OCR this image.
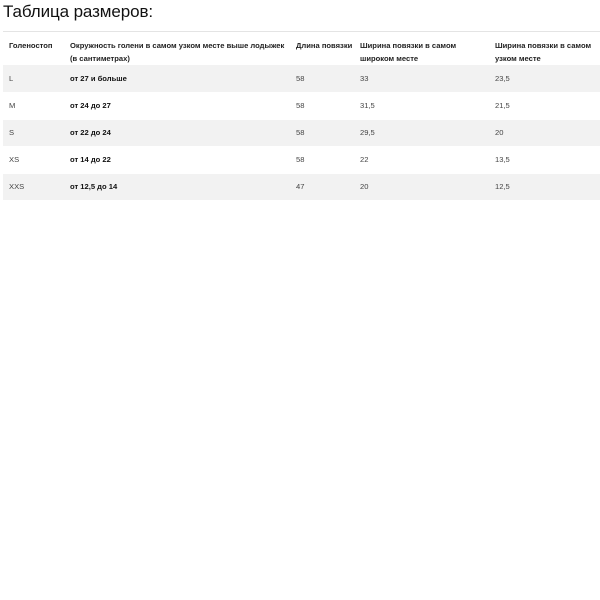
Таблица размеров:
Голеностоп	Окружность голени в самом узком месте выше лодыжек (в сантиметрах)	Длина повязки	Ширина повязки в самом широком месте	Ширина повязки в самом узком месте
L	от 27 и больше	58	33	23,5
M	от 24 до 27	58	31,5	21,5
S	от 22 до 24	58	29,5	20
XS	от 14 до 22	58	22	13,5
XXS	от 12,5 до 14	47	20	12,5
